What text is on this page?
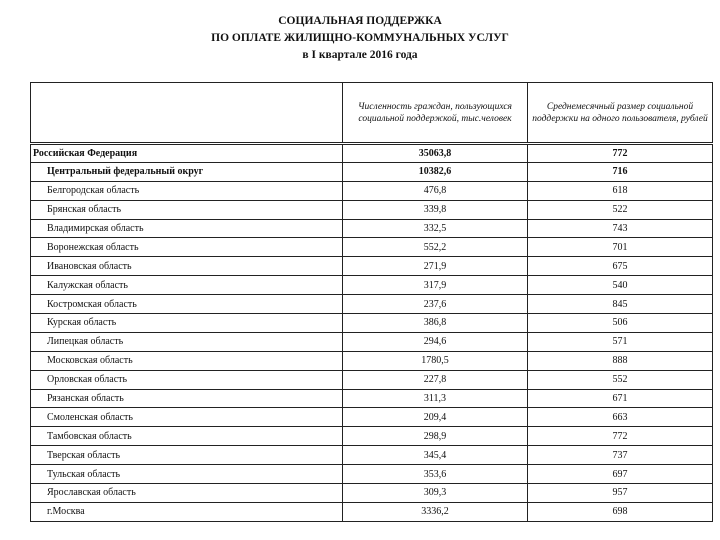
СОЦИАЛЬНАЯ ПОДДЕРЖКА
ПО ОПЛАТЕ ЖИЛИЩНО-КОММУНАЛЬНЫХ УСЛУГ
в I квартале 2016 года
	Численность граждан, пользующихся социальной поддержкой, тыс.человек	Среднемесячный размер социальной поддержки на одного пользователя, рублей
Российская Федерация	35063,8	772
Центральный федеральный округ	10382,6	716
Белгородская область	476,8	618
Брянская область	339,8	522
Владимирская область	332,5	743
Воронежская область	552,2	701
Ивановская область	271,9	675
Калужская область	317,9	540
Костромская область	237,6	845
Курская область	386,8	506
Липецкая область	294,6	571
Московская область	1780,5	888
Орловская область	227,8	552
Рязанская область	311,3	671
Смоленская область	209,4	663
Тамбовская область	298,9	772
Тверская область	345,4	737
Тульская область	353,6	697
Ярославская область	309,3	957
г.Москва	3336,2	698
